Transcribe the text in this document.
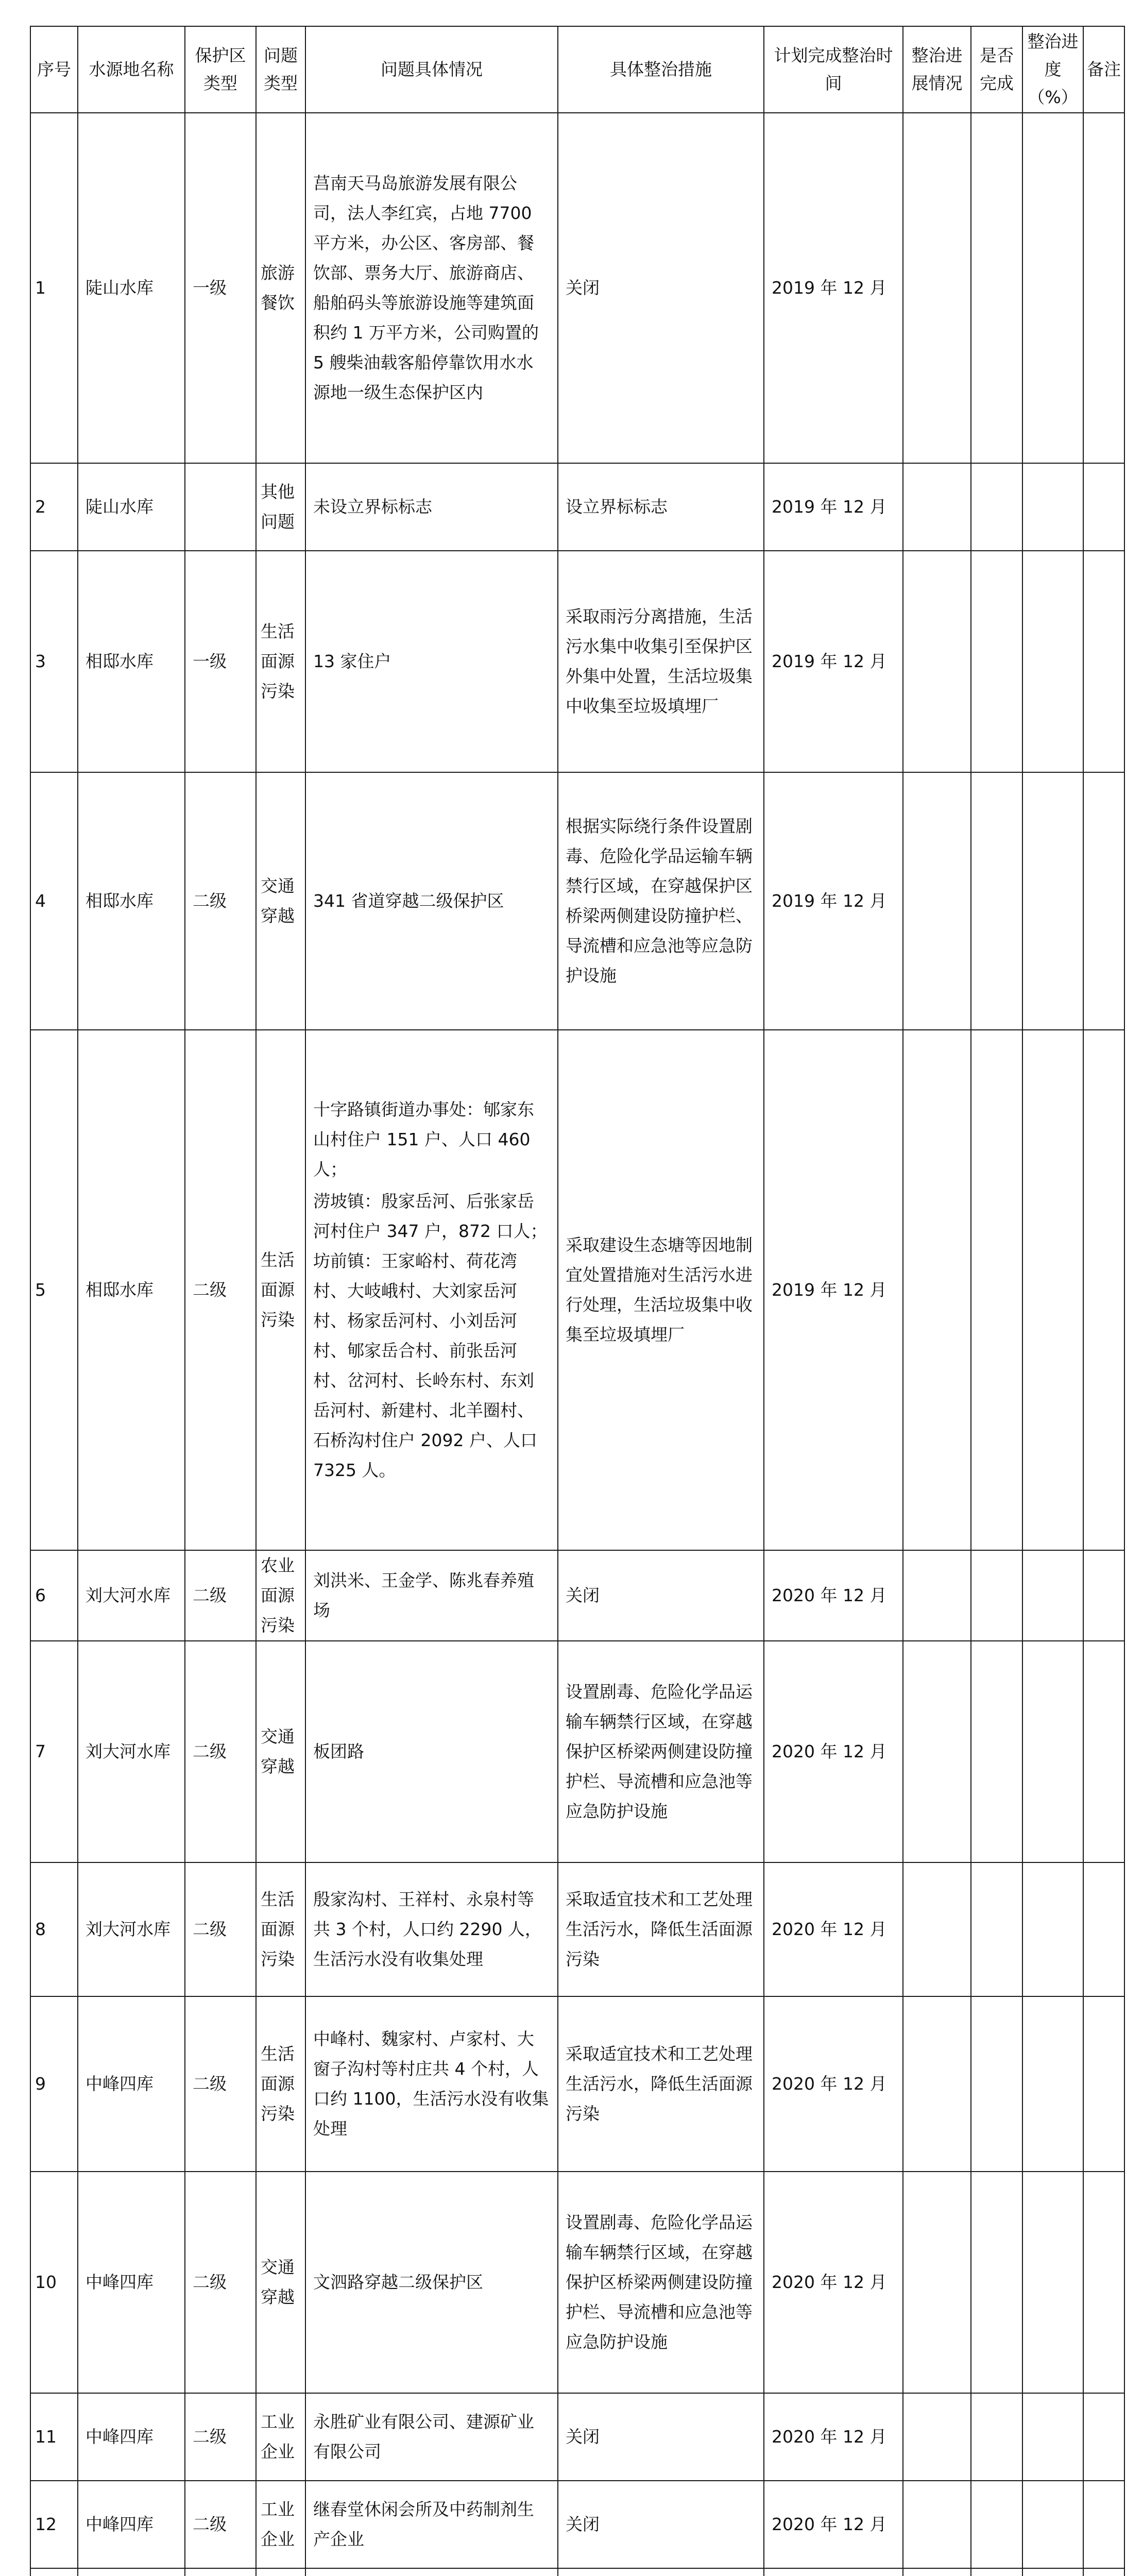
序号	水源地名称	保护区类型	问题类型	问题具体情况	具体整治措施	计划完成整治时间	整治进展情况	是否完成	整治进度（%）	备注
1	陡山水库	一级	旅游餐饮	莒南天马岛旅游发展有限公司，法人李红宾，占地 7700 平方米，办公区、客房部、餐饮部、票务大厅、旅游商店、船舶码头等旅游设施等建筑面积约 1 万平方米，公司购置的 5 艘柴油载客船停靠饮用水水源地一级生态保护区内	关闭	2019 年 12 月				
2	陡山水库		其他问题	未设立界标标志	设立界标标志	2019 年 12 月				
3	相邸水库	一级	生活面源污染	13 家住户	采取雨污分离措施，生活污水集中收集引至保护区外集中处置，生活垃圾集中收集至垃圾填埋厂	2019 年 12 月				
4	相邸水库	二级	交通穿越	341 省道穿越二级保护区	根据实际绕行条件设置剧毒、危险化学品运输车辆禁行区域，在穿越保护区桥梁两侧建设防撞护栏、导流槽和应急池等应急防护设施	2019 年 12 月				
5	相邸水库	二级	生活面源污染	十字路镇街道办事处：郇家东山村住户 151 户、人口 460 人；
涝坡镇：殷家岳河、后张家岳河村住户 347 户，872 口人；坊前镇：王家峪村、荷花湾村、大岐峨村、大刘家岳河村、杨家岳河村、小刘岳河村、郇家岳合村、前张岳河村、岔河村、长岭东村、东刘岳河村、新建村、北羊圈村、石桥沟村住户 2092 户、人口 7325 人。	采取建设生态塘等因地制宜处置措施对生活污水进行处理，生活垃圾集中收集至垃圾填埋厂	2019 年 12 月				
6	刘大河水库	二级	农业面源污染	刘洪米、王金学、陈兆春养殖场	关闭	2020 年 12 月				
7	刘大河水库	二级	交通穿越	板团路	设置剧毒、危险化学品运输车辆禁行区域，在穿越保护区桥梁两侧建设防撞护栏、导流槽和应急池等应急防护设施	2020 年 12 月				
8	刘大河水库	二级	生活面源污染	殷家沟村、王祥村、永泉村等共 3 个村，人口约 2290 人，生活污水没有收集处理	采取适宜技术和工艺处理生活污水，降低生活面源污染	2020 年 12 月				
9	中峰四库	二级	生活面源污染	中峰村、魏家村、卢家村、大窗子沟村等村庄共 4 个村，人口约 1100，生活污水没有收集处理	采取适宜技术和工艺处理生活污水，降低生活面源污染	2020 年 12 月				
10	中峰四库	二级	交通穿越	文泗路穿越二级保护区	设置剧毒、危险化学品运输车辆禁行区域，在穿越保护区桥梁两侧建设防撞护栏、导流槽和应急池等应急防护设施	2020 年 12 月				
11	中峰四库	二级	工业企业	永胜矿业有限公司、建源矿业有限公司	关闭	2020 年 12 月				
12	中峰四库	二级	工业企业	继春堂休闲会所及中药制剂生产企业	关闭	2020 年 12 月				
